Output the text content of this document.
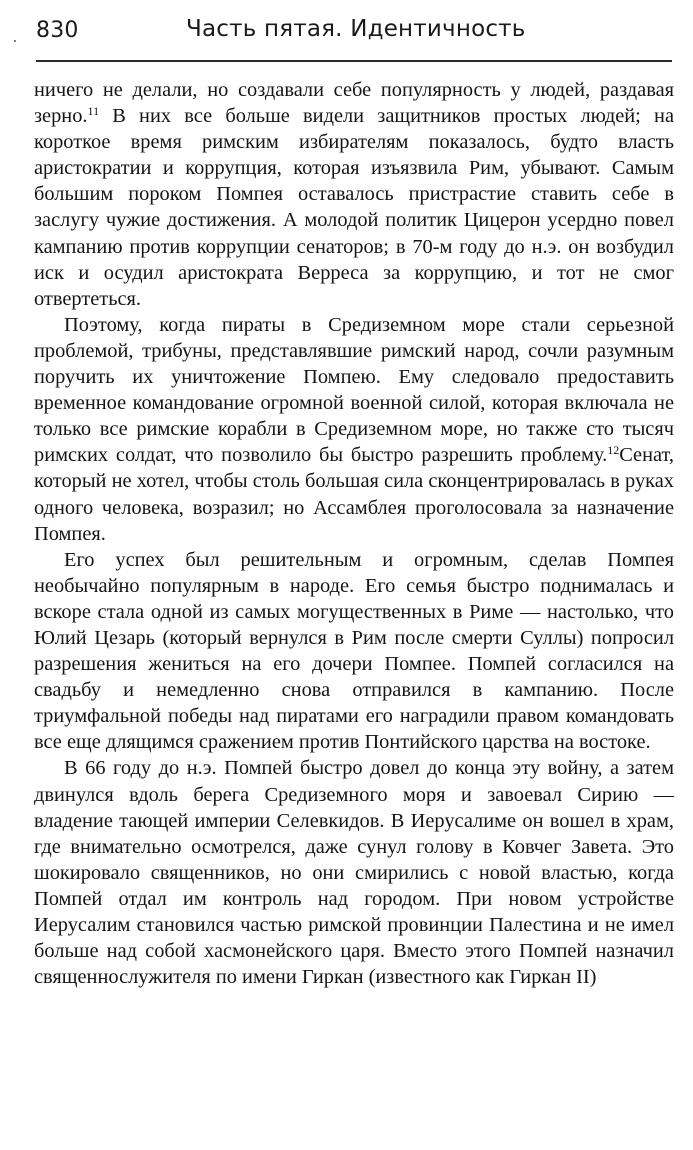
830	Часть пятая. Идентичность

ничего не делали, но создавали себе популярность у людей, раздавая зерно.$^{11}$ В них все больше видели защитников простых людей; на короткое время римским избирателям показалось, будто власть аристократии и коррупция, которая изъязвила Рим, убывают. Самым большим пороком Помпея оставалось пристрастие ставить себе в заслугу чужие достижения. А молодой политик Цицерон усердно повел кампанию против коррупции сенаторов; в 70-м году до н.э. он возбудил иск и осудил аристократа Верреса за коррупцию, и тот не смог отвертеться.

Поэтому, когда пираты в Средиземном море стали серьезной проблемой, трибуны, представлявшие римский народ, сочли разумным поручить их уничтожение Помпею. Ему следовало предоставить временное командование огромной военной силой, которая включала не только все римские корабли в Средиземном море, но также сто тысяч римских солдат, что позволило бы быстро разрешить проблему.$^{12}$Сенат, который не хотел, чтобы столь большая сила сконцентрировалась в руках одного человека, возразил; но Ассамблея проголосовала за назначение Помпея.

Его успех был решительным и огромным, сделав Помпея необычайно популярным в народе. Его семья быстро поднималась и вскоре стала одной из самых могущественных в Риме — настолько, что Юлий Цезарь (который вернулся в Рим после смерти Суллы) попросил разрешения жениться на его дочери Помпее. Помпей согласился на свадьбу и немедленно снова отправился в кампанию. После триумфальной победы над пиратами его наградили правом командовать все еще длящимся сражением против Понтийского царства на востоке.

В 66 году до н.э. Помпей быстро довел до конца эту войну, а затем двинулся вдоль берега Средиземного моря и завоевал Сирию — владение тающей империи Селевкидов. В Иерусалиме он вошел в храм, где внимательно осмотрелся, даже сунул голову в Ковчег Завета. Это шокировало священников, но они смирились с новой властью, когда Помпей отдал им контроль над городом. При новом устройстве Иерусалим становился частью римской провинции Палестина и не имел больше над собой хасмонейского царя. Вместо этого Помпей назначил священнослужителя по имени Гиркан (известного как Гиркан II)
